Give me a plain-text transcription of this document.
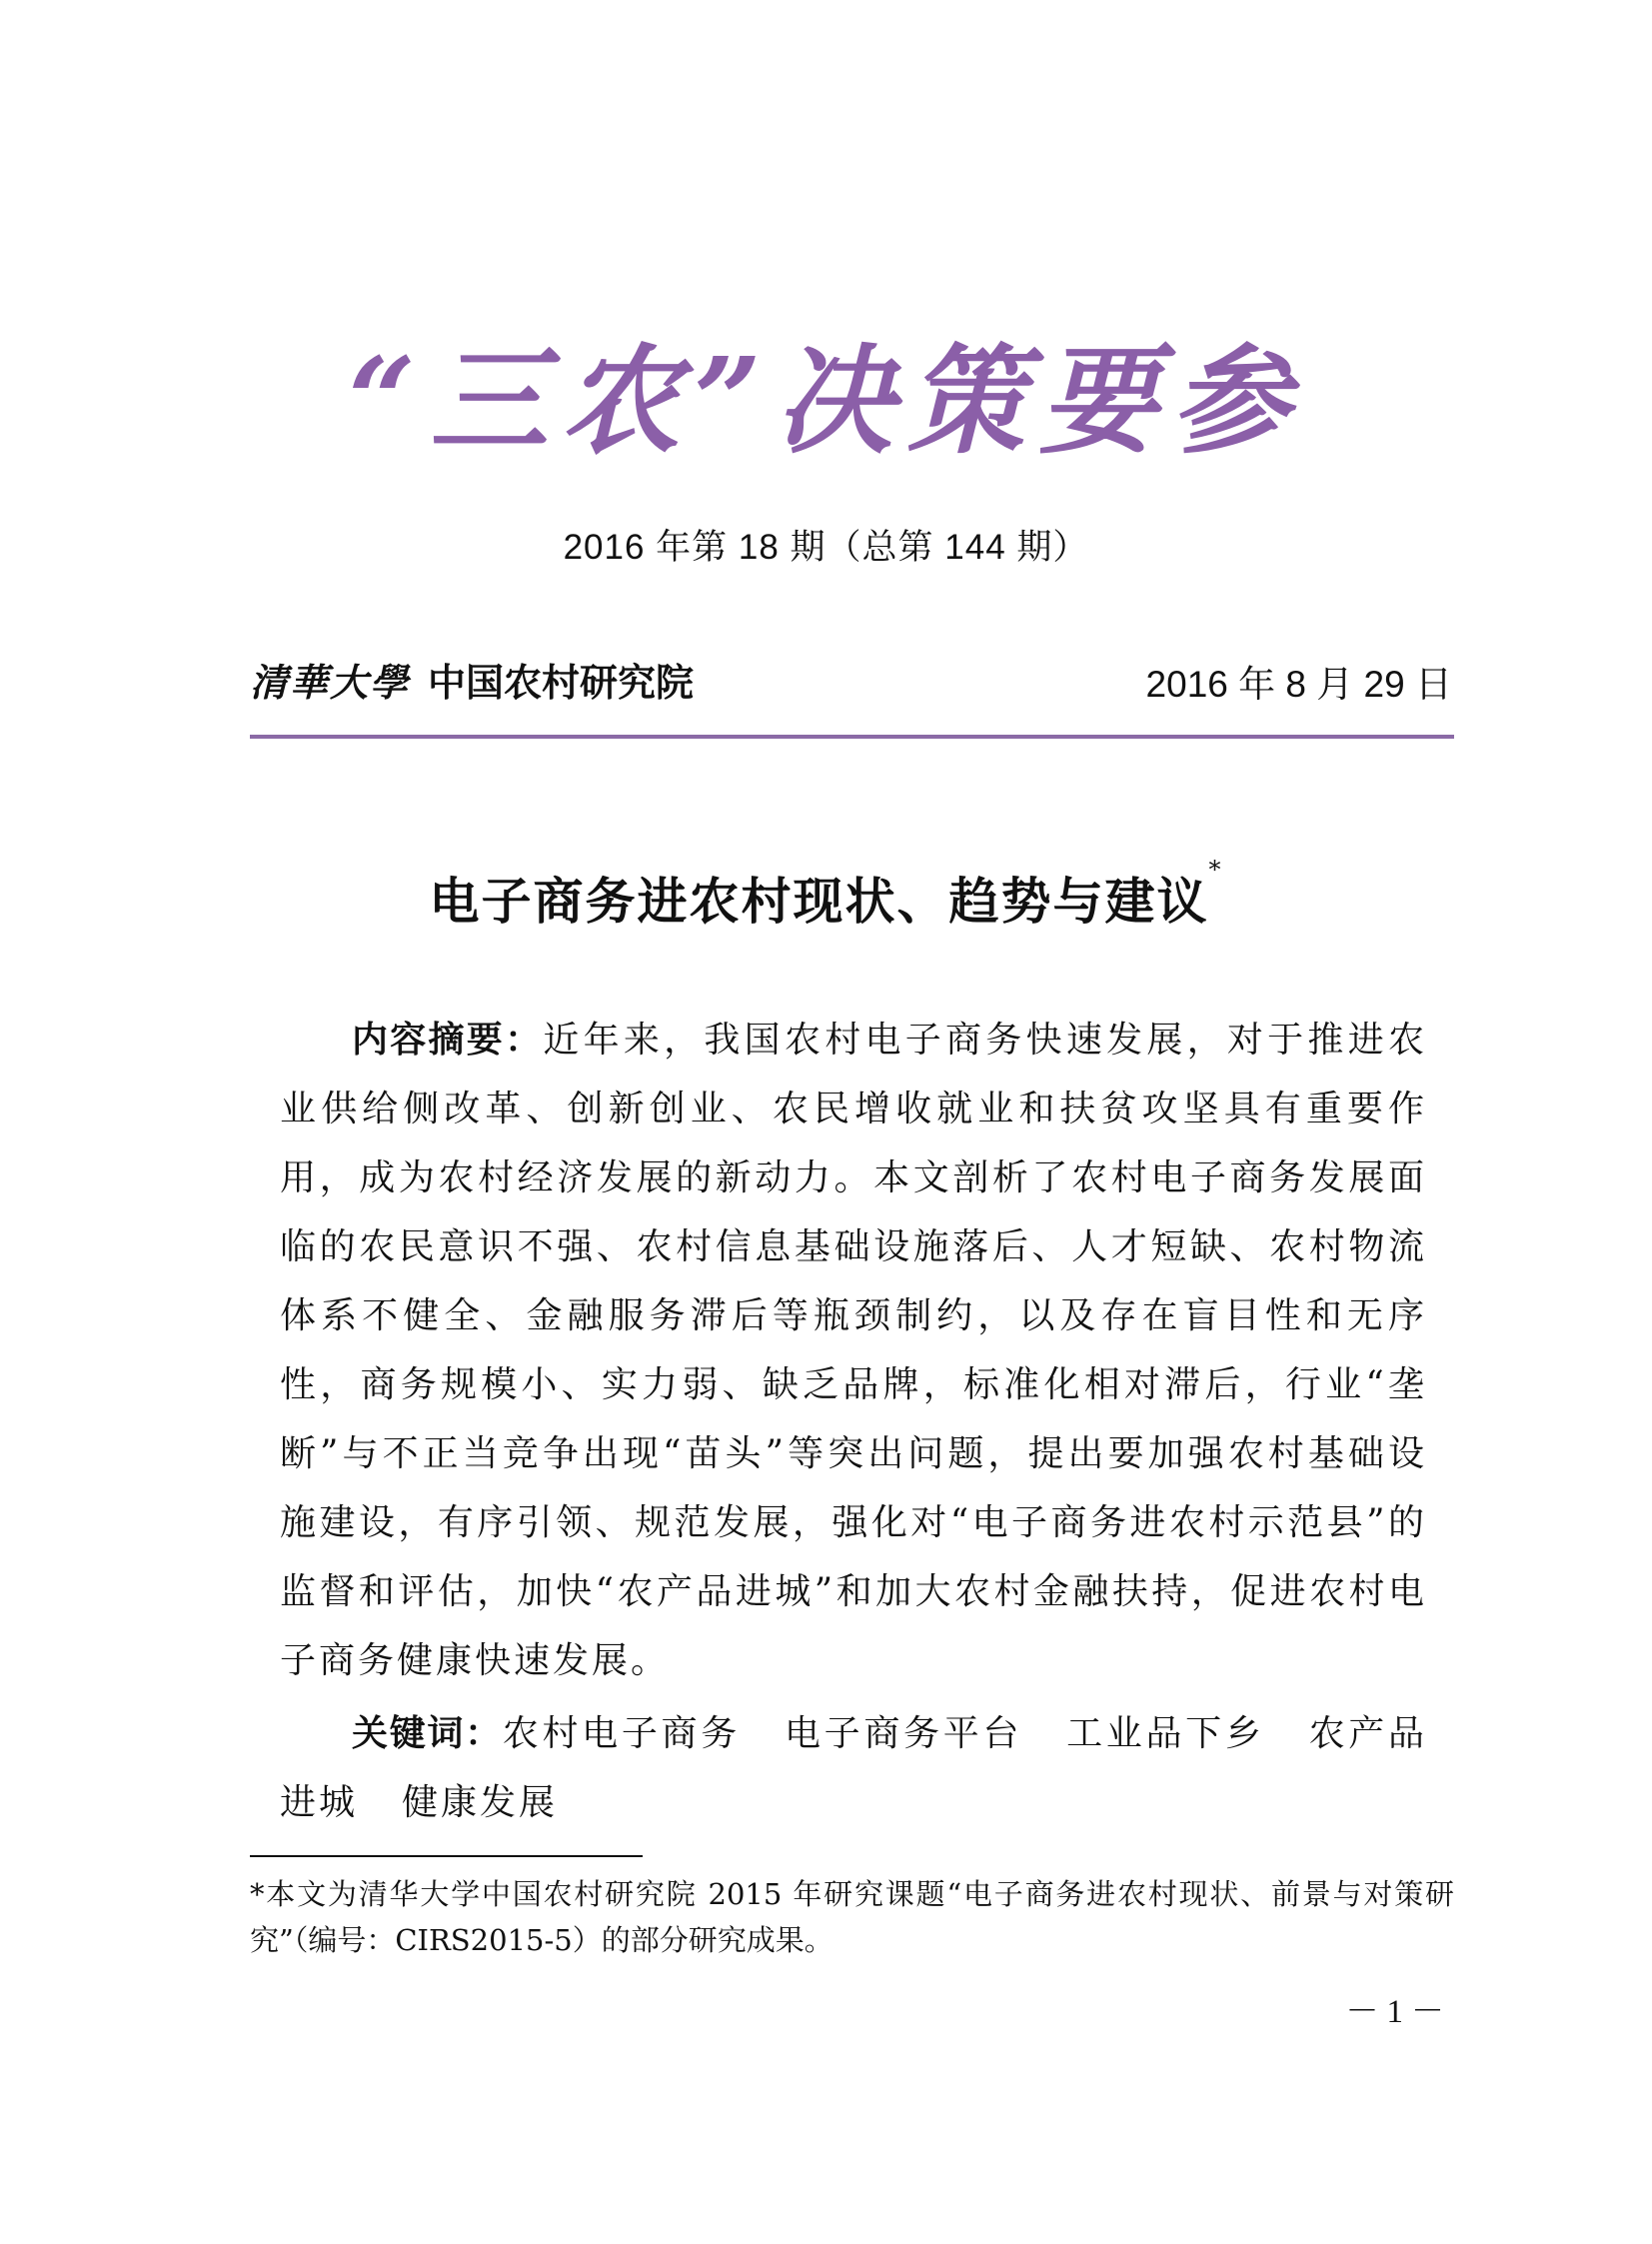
“三农”决策要参
2016 年第 18 期（总第 144 期）
清華大學 中国农村研究院	2016 年 8 月 29 日
电子商务进农村现状、趋势与建议*
内容摘要：近年来，我国农村电子商务快速发展，对于推进农业供给侧改革、创新创业、农民增收就业和扶贫攻坚具有重要作用，成为农村经济发展的新动力。本文剖析了农村电子商务发展面临的农民意识不强、农村信息基础设施落后、人才短缺、农村物流体系不健全、金融服务滞后等瓶颈制约，以及存在盲目性和无序性，商务规模小、实力弱、缺乏品牌，标准化相对滞后，行业“垄断”与不正当竞争出现“苗头”等突出问题，提出要加强农村基础设施建设，有序引领、规范发展，强化对“电子商务进农村示范县”的监督和评估，加快“农产品进城”和加大农村金融扶持，促进农村电子商务健康快速发展。
关键词：农村电子商务 电子商务平台 工业品下乡 农产品进城 健康发展
*本文为清华大学中国农村研究院 2015 年研究课题“电子商务进农村现状、前景与对策研究”（编号：CIRS2015-5）的部分研究成果。
－1－
